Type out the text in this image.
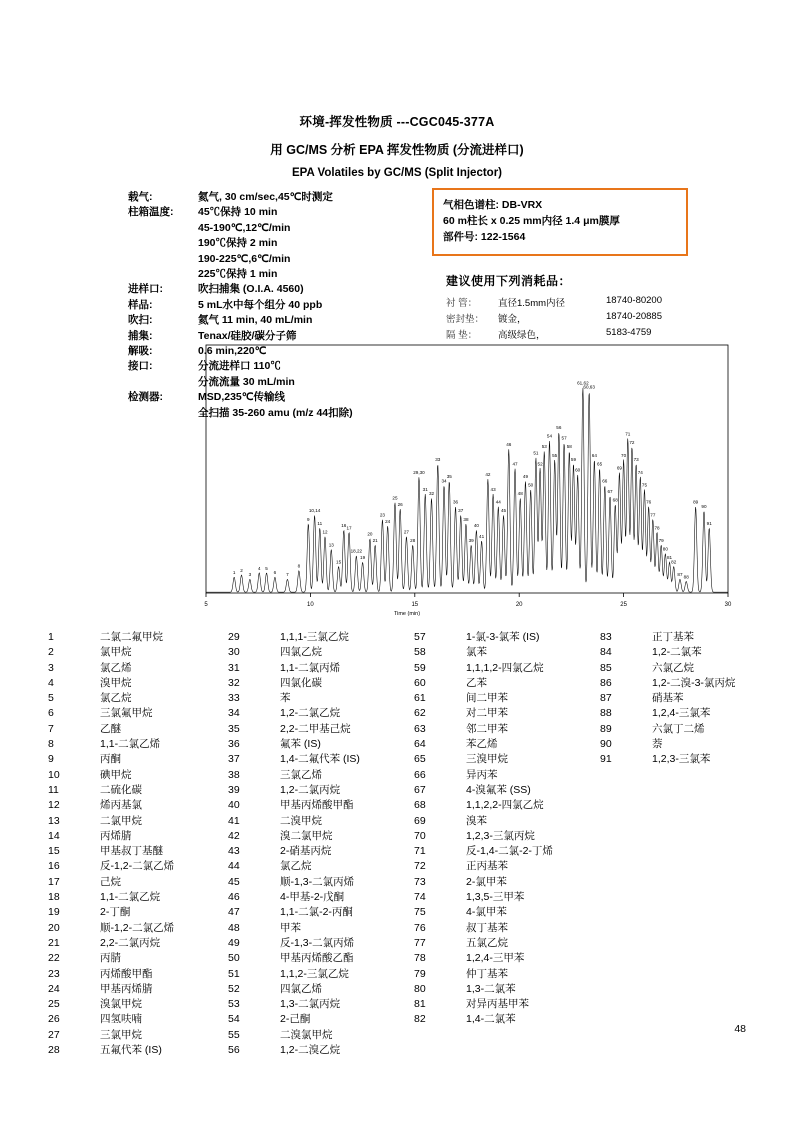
环境-挥发性物质 ---CGC045-377A
用 GC/MS 分析 EPA 挥发性物质 (分流进样口)
EPA Volatiles by GC/MS (Split Injector)
载气:	氦气, 30 cm/sec,45℃时测定
柱箱温度:	45℃保持 10 min
45-190℃,12℃/min
190℃保持 2 min
190-225℃,6℃/min
225℃保持 1 min
进样口:	吹扫捕集 (O.I.A. 4560)
样品:	5 mL水中每个组分 40 ppb
吹扫:	氦气 11 min, 40 mL/min
捕集:	Tenax/硅胶/碳分子筛
解吸:	0.6 min,220℃
接口:	分流进样口 110℃
分流流量 30 mL/min
检测器:	MSD,235℃传输线
全扫描 35-260 amu (m/z 44扣除)
气相色谱柱: DB-VRX
60 m柱长 x 0.25 mm内径 1.4 μm膜厚
部件号: 122-1564
建议使用下列消耗品：
衬 管：	直径1.5mm内径	18740-80200
密封垫：	镀金，	18740-20885
隔 垫：	高级绿色，	5183-4759
5	10	15	20	25	30
Time (min)
1 2
3
4 5
6 7
8
9
10,14
11
12
13
15
16 17
18,22
19
20
21
23
24
25
26
27
28
29,30
31
32
33
34
35
36
37
38
39
40
41
42
43
44
45
46
47
48
49
50
51
52
53
54
55
56
57
58
59
60
61,62
60,63
64
65
66
67
68
69
70
71
72
73
74
75
76
77
78
79
80
81
82
87 88
89
90
91
1	二氯二氟甲烷
2	氯甲烷
3	氯乙烯
4	溴甲烷
5	氯乙烷
6	三氯氟甲烷
7	乙醚
8	1,1-二氯乙烯
9	丙酮
10	碘甲烷
11	二硫化碳
12	烯丙基氯
13	二氯甲烷
14	丙烯腈
15	甲基叔丁基醚
16	反-1,2-二氯乙烯
17	己烷
18	1,1-二氯乙烷
19	2-丁酮
20	顺-1,2-二氯乙烯
21	2,2-二氯丙烷
22	丙腈
23	丙烯酸甲酯
24	甲基丙烯腈
25	溴氯甲烷
26	四氢呋喃
27	三氯甲烷
28	五氟代苯 (IS)
29	1,1,1-三氯乙烷
30	四氯乙烷
31	1,1-二氯丙烯
32	四氯化碳
33	苯
34	1,2-二氯乙烷
35	2,2-二甲基己烷
36	氟苯 (IS)
37	1,4-二氟代苯 (IS)
38	三氯乙烯
39	1,2-二氯丙烷
40	甲基丙烯酸甲酯
41	二溴甲烷
42	溴二氯甲烷
43	2-硝基丙烷
44	氯乙烷
45	顺-1,3-二氯丙烯
46	4-甲基-2-戊酮
47	1,1-二氯-2-丙酮
48	甲苯
49	反-1,3-二氯丙烯
50	甲基丙烯酸乙酯
51	1,1,2-三氯乙烷
52	四氯乙烯
53	1,3-二氯丙烷
54	2-己酮
55	二溴氯甲烷
56	1,2-二溴乙烷
57	1-氯-3-氯苯 (IS)
58	氯苯
59	1,1,1,2-四氯乙烷
60	乙苯
61	间二甲苯
62	对二甲苯
63	邻二甲苯
64	苯乙烯
65	三溴甲烷
66	异丙苯
67	4-溴氟苯 (SS)
68	1,1,2,2-四氯乙烷
69	溴苯
70	1,2,3-三氯丙烷
71	反-1,4-二氯-2-丁烯
72	正丙基苯
73	2-氯甲苯
74	1,3,5-三甲苯
75	4-氯甲苯
76	叔丁基苯
77	五氯乙烷
78	1,2,4-三甲苯
79	仲丁基苯
80	1,3-二氯苯
81	对异丙基甲苯
82	1,4-二氯苯
83	正丁基苯
84	1,2-二氯苯
85	六氯乙烷
86	1,2-二溴-3-氯丙烷
87	硝基苯
88	1,2,4-三氯苯
89	六氯丁二烯
90	萘
91	1,2,3-三氯苯
48
